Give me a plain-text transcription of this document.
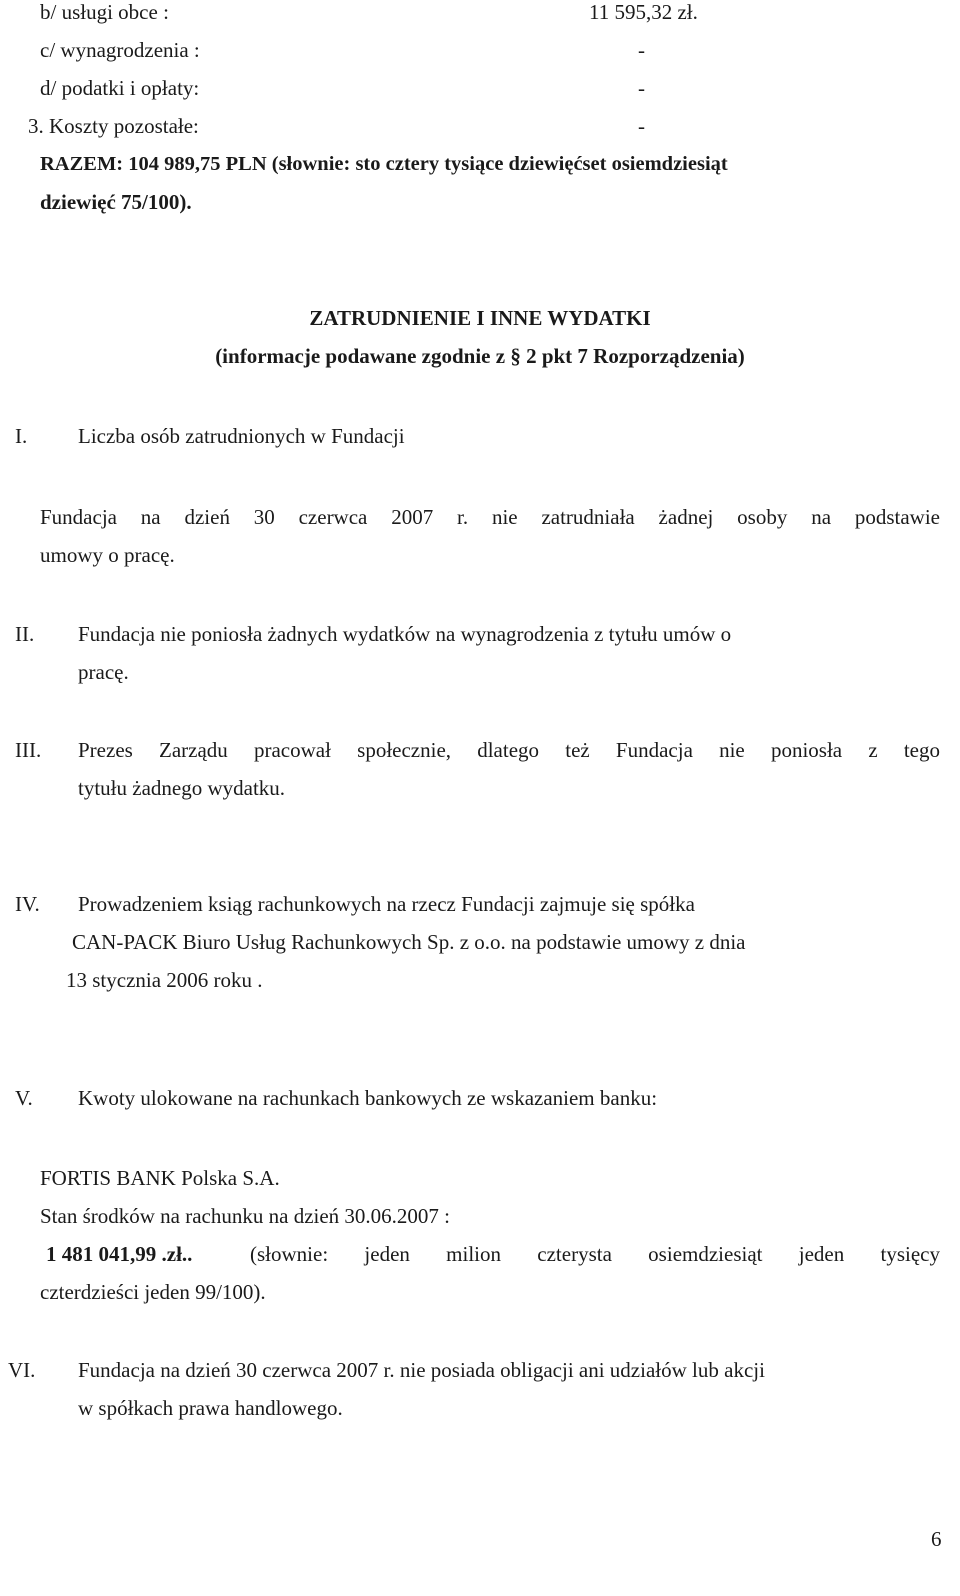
b/ usługi obce :	11 595,32 zł.
c/ wynagrodzenia :	-
d/ podatki i opłaty:	-
3. Koszty pozostałe:	-
RAZEM: 104 989,75 PLN (słownie: sto cztery tysiące dziewięćset osiemdziesiąt
dziewięć 75/100).
ZATRUDNIENIE I INNE WYDATKI
(informacje podawane zgodnie z § 2 pkt 7 Rozporządzenia)
I. Liczba osób zatrudnionych w Fundacji
Fundacja na dzień 30 czerwca 2007 r. nie zatrudniała żadnej osoby na podstawie
umowy o pracę.
II. Fundacja nie poniosła żadnych wydatków na wynagrodzenia z tytułu umów o
pracę.
III. Prezes Zarządu pracował społecznie, dlatego też Fundacja nie poniosła z tego
tytułu żadnego wydatku.
IV. Prowadzeniem ksiąg rachunkowych na rzecz Fundacji zajmuje się spółka
CAN-PACK Biuro Usług Rachunkowych Sp. z o.o. na podstawie umowy z dnia
13 stycznia 2006 roku .
V. Kwoty ulokowane na rachunkach bankowych ze wskazaniem banku:
FORTIS BANK Polska S.A.
Stan środków na rachunku na dzień 30.06.2007 :
1 481 041,99 .zł..	(słownie: jeden milion czterysta osiemdziesiąt jeden tysięcy
czterdzieści jeden 99/100).
VI. Fundacja na dzień 30 czerwca 2007 r. nie posiada obligacji ani udziałów lub akcji
w spółkach prawa handlowego.
6
